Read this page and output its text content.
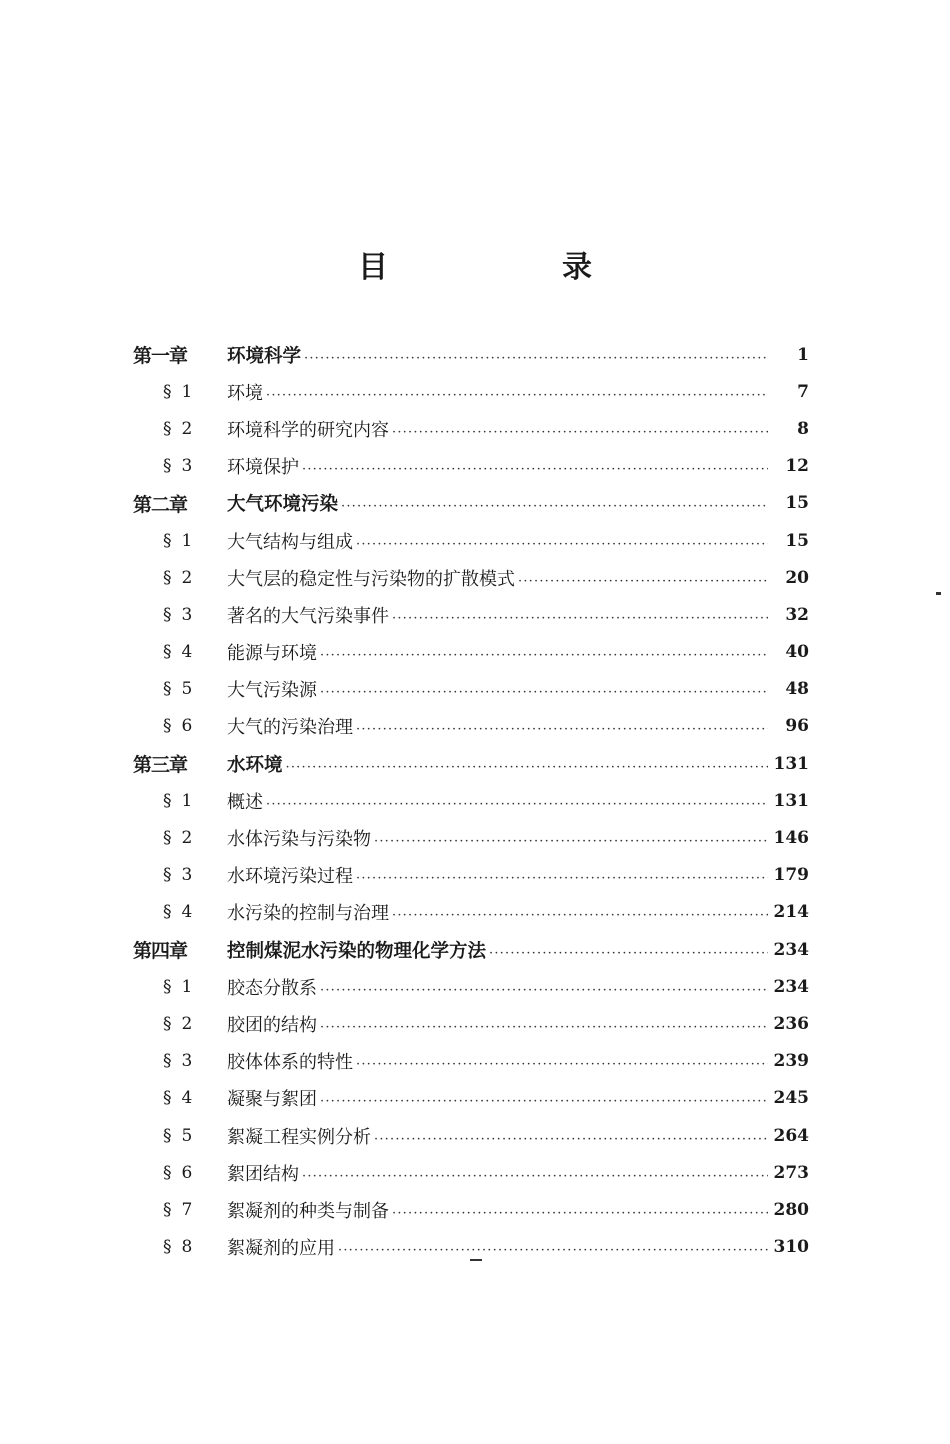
目　录
第一章 环境科学 ·····	1
§ 1 环境 ·····	7
§ 2 环境科学的研究内容 ·····	8
§ 3 环境保护 ·····	12
第二章 大气环境污染 ·····	15
§ 1 大气结构与组成 ·····	15
§ 2 大气层的稳定性与污染物的扩散模式 ·····	20
§ 3 著名的大气污染事件 ·····	32
§ 4 能源与环境 ·····	40
§ 5 大气污染源 ·····	48
§ 6 大气的污染治理 ·····	96
第三章 水环境 ·····	131
§ 1 概述 ·····	131
§ 2 水体污染与污染物 ·····	146
§ 3 水环境污染过程 ·····	179
§ 4 水污染的控制与治理 ·····	214
第四章 控制煤泥水污染的物理化学方法 ·····	234
§ 1 胶态分散系 ·····	234
§ 2 胶团的结构 ·····	236
§ 3 胶体体系的特性 ·····	239
§ 4 凝聚与絮团 ·····	245
§ 5 絮凝工程实例分析 ·····	264
§ 6 絮团结构 ·····	273
§ 7 絮凝剂的种类与制备 ·····	280
§ 8 絮凝剂的应用 ·····	310
